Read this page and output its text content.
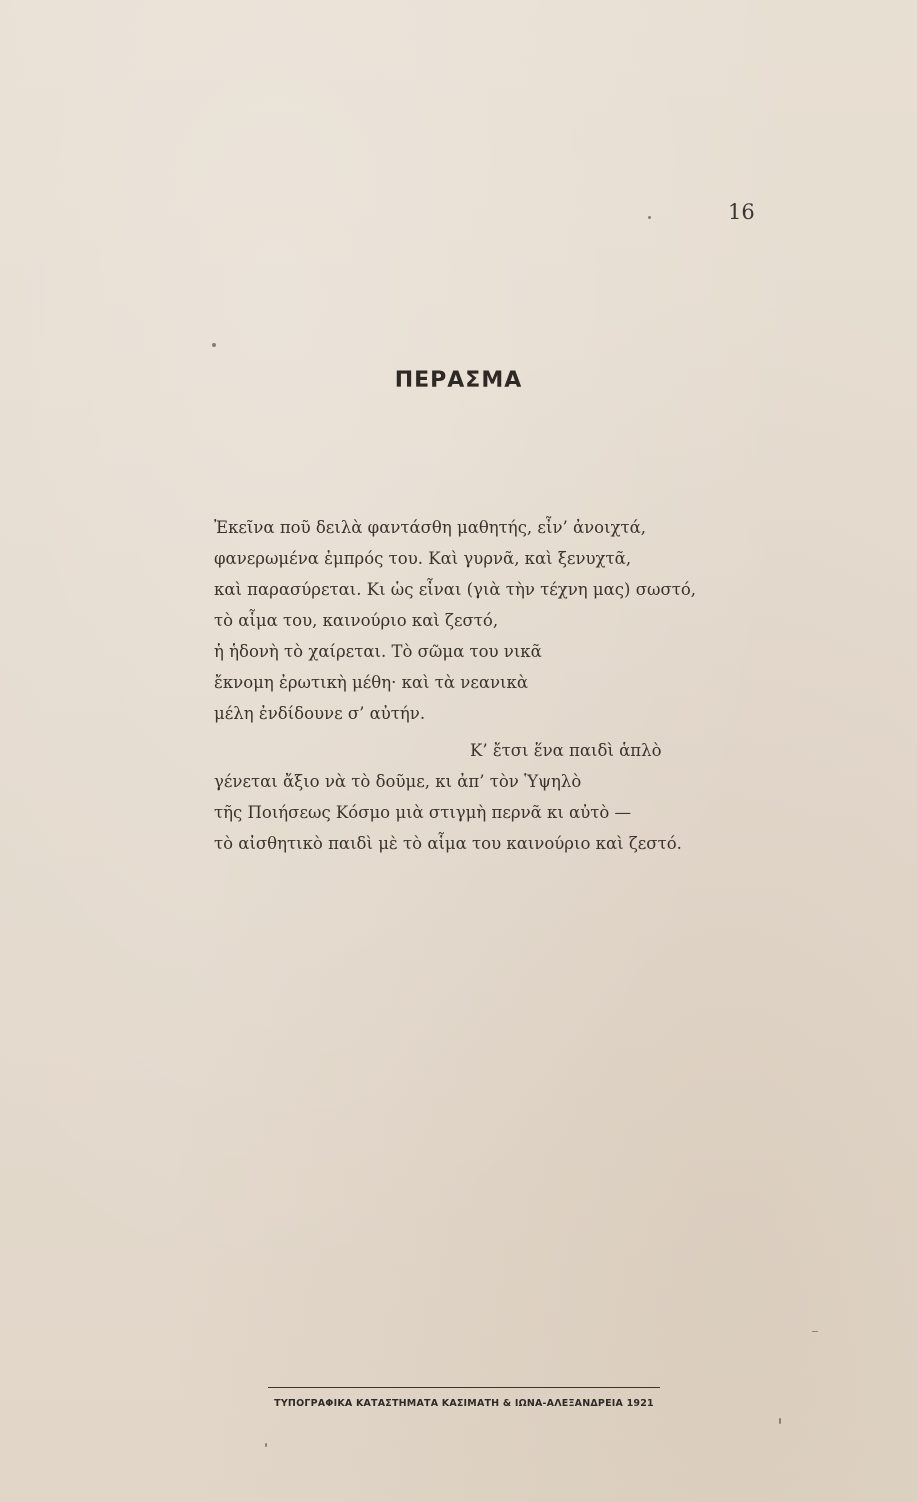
16
ΠΕΡΑΣΜΑ
Ἐκεῖνα ποῦ δειλὰ φαντάσθη μαθητής, εἶν’ ἀνοιχτά,
φανερωμένα ἐμπρός του. Καὶ γυρνᾶ, καὶ ξενυχτᾶ,
καὶ παρασύρεται. Κι ὡς εἶναι (γιὰ τὴν τέχνη μας) σωστό,
τὸ αἷμα του, καινούριο καὶ ζεστό,
ἡ ἡδονὴ τὸ χαίρεται. Τὸ σῶμα του νικᾶ
ἔκνομη ἐρωτικὴ μέθη· καὶ τὰ νεανικὰ
μέλη ἐνδίδουνε σ’ αὐτήν.
Κ’ ἔτσι ἕνα παιδὶ ἁπλὸ
γένεται ἄξιο νὰ τὸ δοῦμε, κι ἀπ’ τὸν Ὑψηλὸ
τῆς Ποιήσεως Κόσμο μιὰ στιγμὴ περνᾶ κι αὐτὸ —
τὸ αἰσθητικὸ παιδὶ μὲ τὸ αἷμα του καινούριο καὶ ζεστό.
ΤΥΠΟΓΡΑΦΙΚΑ ΚΑΤΑΣΤΗΜΑΤΑ ΚΑΣΙΜΑΤΗ & ΙΩΝΑ-ΑΛΕΞΑΝΔΡΕΙΑ 1921
